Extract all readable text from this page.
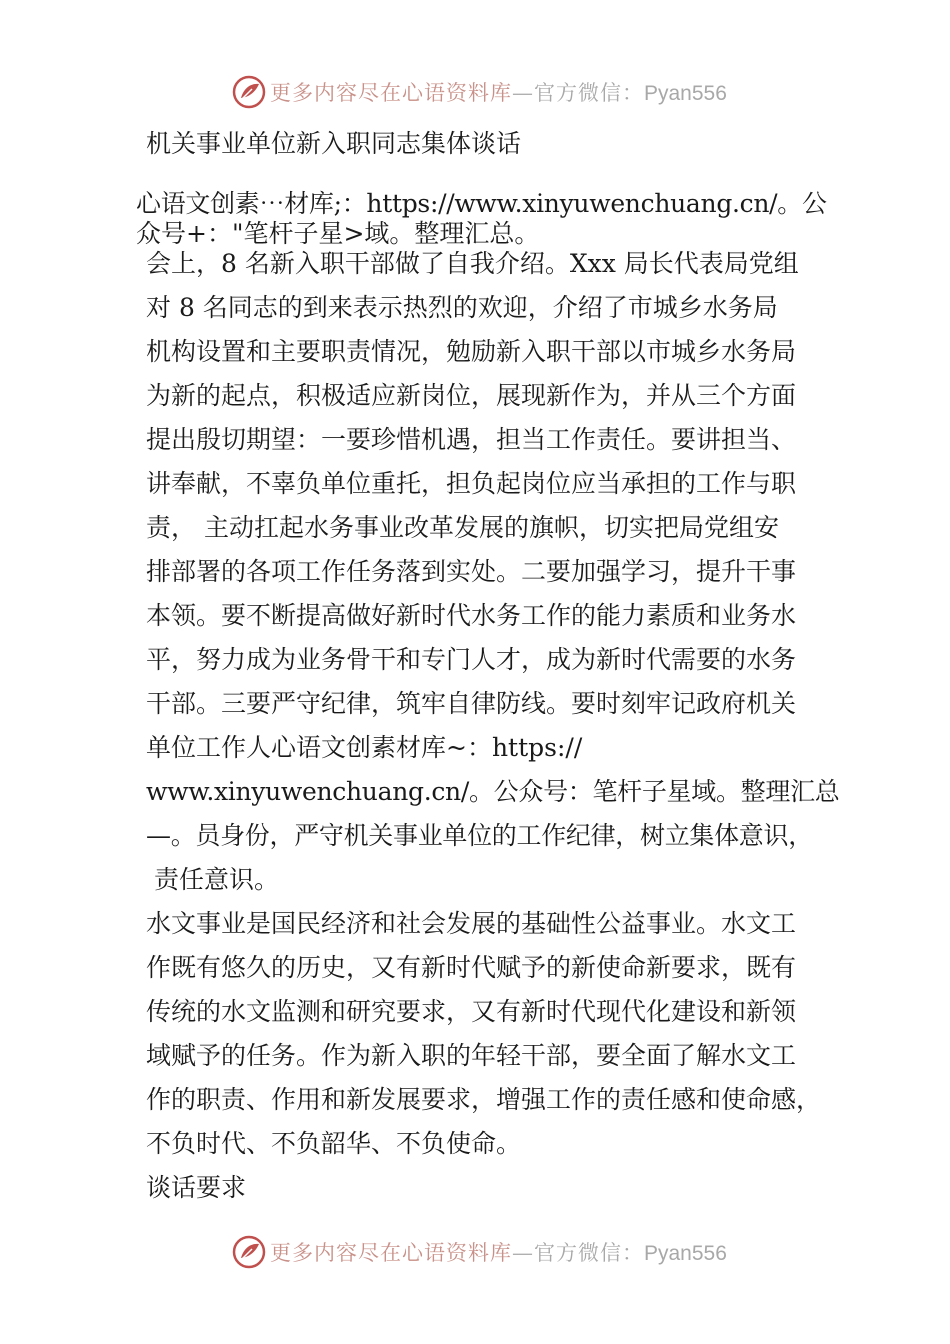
更多内容尽在心语资料库—官方微信：Pyan556
机关事业单位新入职同志集体谈话
心语文创素⋯材库;：https://www.xinyuwenchuang.cn/。公
众号+："笔杆子星>域。整理汇总。
会上，8 名新入职干部做了自我介绍。Xxx 局长代表局党组
对 8 名同志的到来表示热烈的欢迎，介绍了市城乡水务局
机构设置和主要职责情况，勉励新入职干部以市城乡水务局
为新的起点，积极适应新岗位，展现新作为，并从三个方面
提出殷切期望：一要珍惜机遇，担当工作责任。要讲担当、
讲奉献，不辜负单位重托，担负起岗位应当承担的工作与职
责， 主动扛起水务事业改革发展的旗帜，切实把局党组安
排部署的各项工作任务落到实处。二要加强学习，提升干事
本领。要不断提高做好新时代水务工作的能力素质和业务水
平，努力成为业务骨干和专门人才，成为新时代需要的水务
干部。三要严守纪律，筑牢自律防线。要时刻牢记政府机关
单位工作人心语文创素材库~：https://
www.xinyuwenchuang.cn/。公众号：笔杆子星域。整理汇总
—。员身份，严守机关事业单位的工作纪律，树立集体意识，
责任意识。
水文事业是国民经济和社会发展的基础性公益事业。水文工
作既有悠久的历史，又有新时代赋予的新使命新要求，既有
传统的水文监测和研究要求，又有新时代现代化建设和新领
域赋予的任务。作为新入职的年轻干部，要全面了解水文工
作的职责、作用和新发展要求，增强工作的责任感和使命感，
不负时代、不负韶华、不负使命。
谈话要求
更多内容尽在心语资料库—官方微信：Pyan556
